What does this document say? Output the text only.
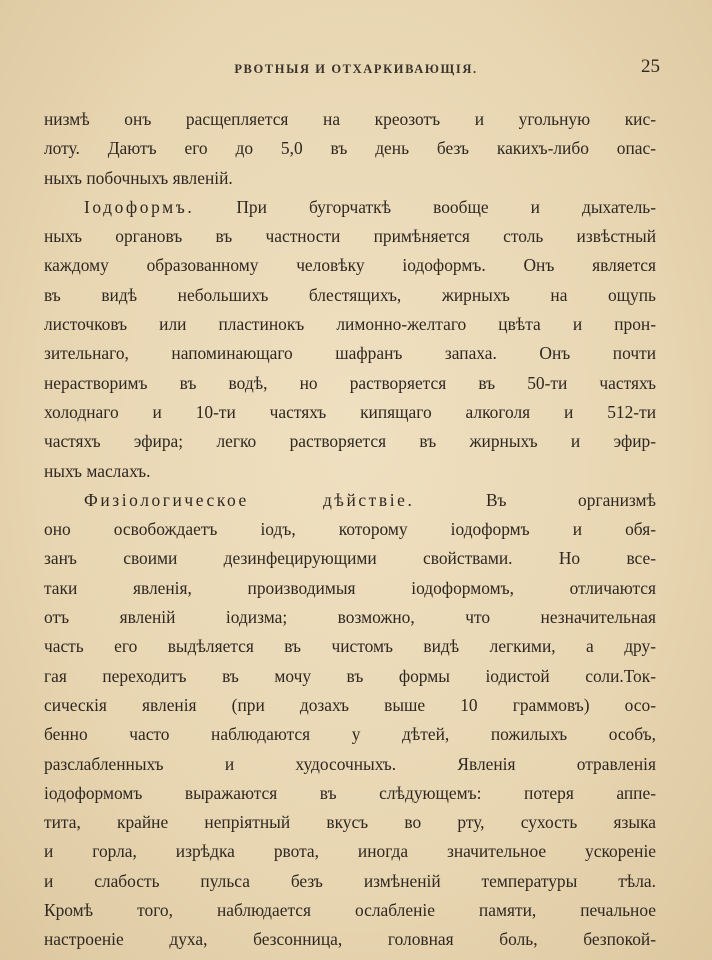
РВОТНЫЯ И ОТХАРКИВАЮЩІЯ.	25
низмѣ онъ расщепляется на креозотъ и угольную кис-
лоту. Даютъ его до 5,0 въ день безъ какихъ-либо опас-
ныхъ побочныхъ явленій.
Іодоформъ. При бугорчаткѣ вообще и дыхатель-
ныхъ органовъ въ частности примѣняется столь извѣстный
каждому образованному человѣку іодоформъ. Онъ является
въ видѣ небольшихъ блестящихъ, жирныхъ на ощупь
листочковъ или пластинокъ лимонно-желтаго цвѣта и прон-
зительнаго, напоминающаго шафранъ запаха. Онъ почти
нерастворимъ въ водѣ, но растворяется въ 50-ти частяхъ
холоднаго и 10-ти частяхъ кипящаго алкоголя и 512-ти
частяхъ эфира; легко растворяется въ жирныхъ и эфир-
ныхъ маслахъ.
Физіологическое дѣйствіе.	Въ организмѣ
оно освобождаетъ іодъ, которому іодоформъ и обя-
занъ своими дезинфецирующими свойствами. Но все-
таки явленія, производимыя іодоформомъ, отличаются
отъ явленій іодизма; возможно, что незначительная
часть его выдѣляется въ чистомъ видѣ легкими, а дру-
гая переходитъ въ мочу въ формы іодистой соли.Ток-
сическія явленія (при дозахъ выше 10 граммовъ) осо-
бенно часто наблюдаются у дѣтей, пожилыхъ особъ,
разслабленныхъ и худосочныхъ. Явленія отравленія
іодоформомъ выражаются въ слѣдующемъ: потеря аппе-
тита, крайне непріятный вкусъ во рту, сухость языка
и горла, изрѣдка рвота, иногда значительное ускореніе
и слабость пульса безъ измѣненій температуры тѣла.
Кромѣ того, наблюдается ослабленіе памяти, печальное
настроеніе духа, безсонница, головная боль, безпокой-
